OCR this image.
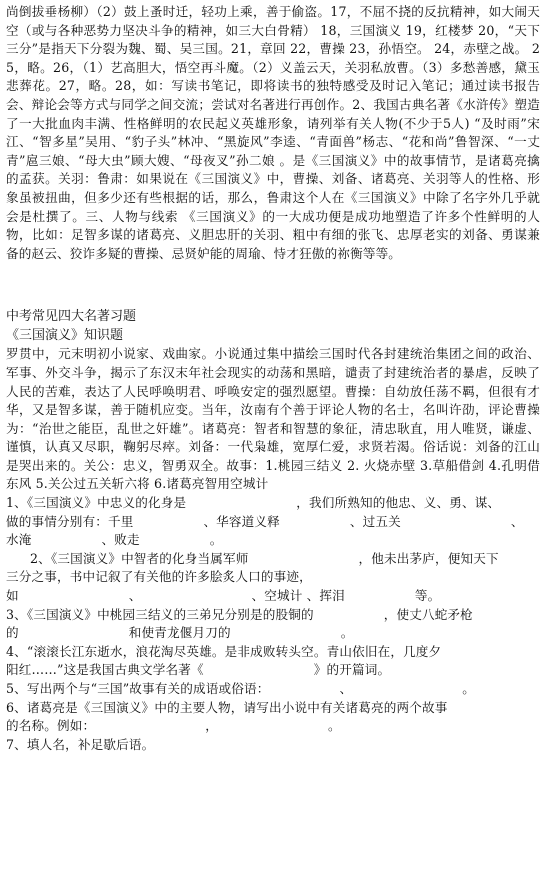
尚倒拔垂杨柳）（2）鼓上蚤时迁，轻功上乘，善于偷盗。17，不屈不挠的反抗精神，如大闹天空（或与各种恶势力坚决斗争的精神，如三大白骨精） 18，三国演义 19，红楼梦 20，“天下三分”是指天下分裂为魏、蜀、吴三国。21，章回 22，曹操 23，孙悟空。 24，赤壁之战。 25，略。26，（1）艺高胆大，悟空再斗魔。（2）义盖云天，关羽私放曹。（3）多愁善感，黛玉悲葬花。27，略。28，如：写读书笔记，即将读书的独特感受及时记入笔记；通过读书报告会、辩论会等方式与同学之间交流；尝试对名著进行再创作。2、我国古典名著《水浒传》塑造了一大批血肉丰满、性格鲜明的农民起义英雄形象，请列举有关人物(不少于5人) “及时雨”宋江、“智多星”吴用、“豹子头”林冲、“黑旋风”李逵、“青面兽”杨志、“花和尚”鲁智深、“一丈青”扈三娘、“母大虫”顾大嫂、“母夜叉”孙二娘 。是《三国演义》中的故事情节，是诸葛亮擒的孟获。关羽：鲁肃：如果说在《三国演义》中，曹操、刘备、诸葛亮、关羽等人的性格、形象虽被扭曲，但多少还有些根据的话，那么，鲁肃这个人在《三国演义》中除了名字外几乎就会是杜撰了。三、人物与线索 《三国演义》的一大成功便是成功地塑造了许多个性鲜明的人物，比如：足智多谋的诸葛亮、义胆忠肝的关羽、粗中有细的张飞、忠厚老实的刘备、勇谋兼备的赵云、狡诈多疑的曹操、忌贤妒能的周瑜、恃才狂傲的祢衡等等。

中考常见四大名著习题

《三国演义》知识题

罗贯中，元末明初小说家、戏曲家。小说通过集中描绘三国时代各封建统治集团之间的政治、军事、外交斗争，揭示了东汉末年社会现实的动荡和黑暗，谴责了封建统治者的暴虐，反映了人民的苦难，表达了人民呼唤明君、呼唤安定的强烈愿望。曹操：自幼放任荡不羁，但很有才华，又是智多谋，善于随机应变。当年，汝南有个善于评论人物的名士，名叫许劭，评论曹操为：“治世之能臣，乱世之奸雄”。诸葛亮：智者和智慧的象征，清忠耿直，用人唯贤，谦虚、谨慎，认真又尽职，鞠躬尽瘁。刘备：一代枭雄，宽厚仁爱，求贤若渴。俗话说：刘备的江山是哭出来的。关公：忠义，智勇双全。故事：1.桃园三结义 2. 火烧赤壁 3.草船借剑 4.孔明借东风 5.关公过五关斩六将 6.诸葛亮智用空城计

1、《三国演义》中忠义的化身是	，我们所熟知的他忠、义、勇、谋、
做的事情分别有：千里	、华容道义释	、过五关	、
水淹	、败走	。

2、《三国演义》中智者的化身当属军师	，他未出茅庐，便知天下
三分之事，书中记叙了有关他的许多脍炙人口的事迹，
如	、	、空城计 、挥泪	等。

3、《三国演义》中桃园三结义的三弟兄分别是的股铜的	，使丈八蛇矛枪
的	和使青龙偃月刀的	。

4、“滚滚长江东逝水，浪花淘尽英雄。是非成败转头空。青山依旧在，几度夕
阳红……”这是我国古典文学名著《	》的开篇词。

5、写出两个与“三国”故事有关的成语或俗语：	、	。

6、诸葛亮是《三国演义》中的主要人物，请写出小说中有关诸葛亮的两个故事
的名称。例如：	，	。

7、填人名，补足歇后语。
